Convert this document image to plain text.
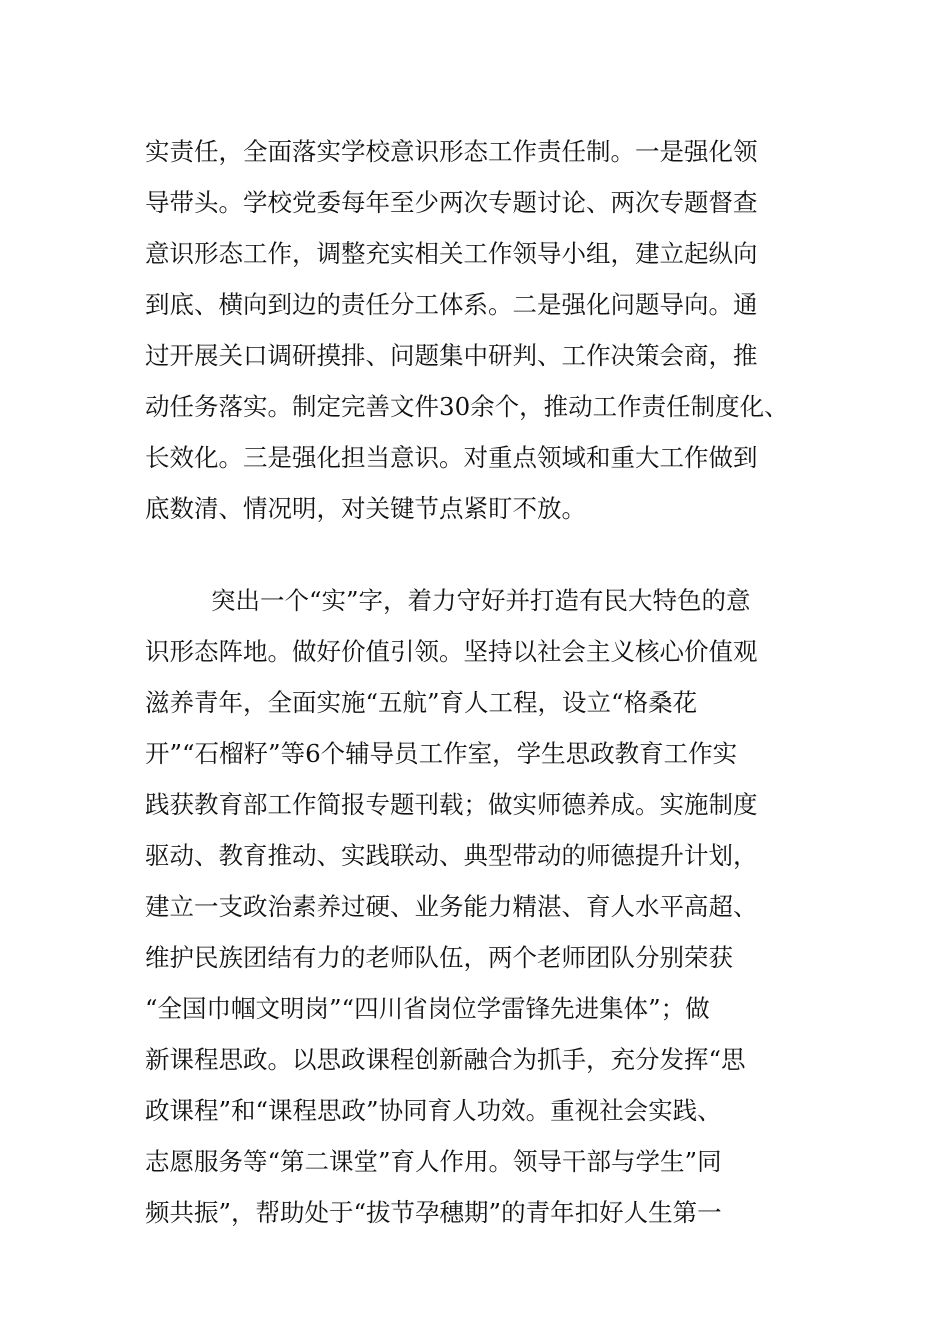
实责任，全面落实学校意识形态工作责任制。一是强化领
导带头。学校党委每年至少两次专题讨论、两次专题督查
意识形态工作，调整充实相关工作领导小组，建立起纵向
到底、横向到边的责任分工体系。二是强化问题导向。通
过开展关口调研摸排、问题集中研判、工作决策会商，推
动任务落实。制定完善文件30余个，推动工作责任制度化、
长效化。三是强化担当意识。对重点领域和重大工作做到
底数清、情况明，对关键节点紧盯不放。
突出一个“实”字，着力守好并打造有民大特色的意
识形态阵地。做好价值引领。坚持以社会主义核心价值观
滋养青年，全面实施“五航”育人工程，设立“格桑花
开”“石榴籽”等6个辅导员工作室，学生思政教育工作实
践获教育部工作简报专题刊载；做实师德养成。实施制度
驱动、教育推动、实践联动、典型带动的师德提升计划，
建立一支政治素养过硬、业务能力精湛、育人水平高超、
维护民族团结有力的老师队伍，两个老师团队分别荣获
“全国巾帼文明岗”“四川省岗位学雷锋先进集体”；做
新课程思政。以思政课程创新融合为抓手，充分发挥“思
政课程”和“课程思政”协同育人功效。重视社会实践、
志愿服务等“第二课堂”育人作用。领导干部与学生”同
频共振”，帮助处于“拔节孕穗期”的青年扣好人生第一
